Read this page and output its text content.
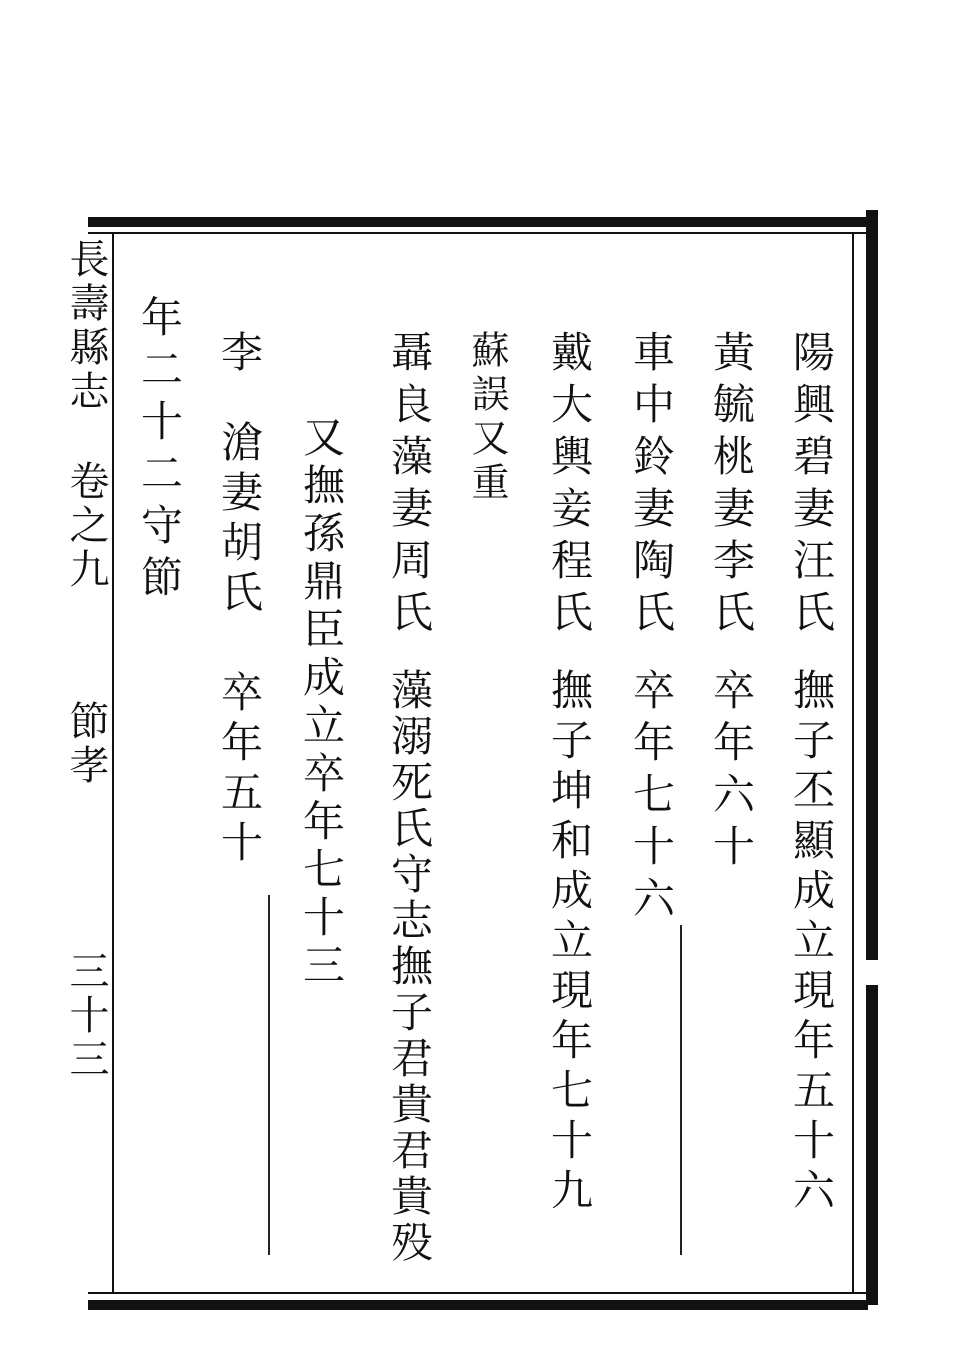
長壽縣志
卷之九
節孝
三十三
陽興碧妻汪氏
撫子丕顯成立現年五十六
黃毓桃妻李氏
卒年六十
車中鈴妻陶氏
卒年七十六
戴大輿妾程氏
撫子坤和成立現年七十九
蘇誤又重
聶良藻妻周氏
藻溺死氏守志撫子君貴君貴殁
又撫孫鼎臣成立卒年七十三
李
滄妻胡氏　卒年五十
年二十二守節
